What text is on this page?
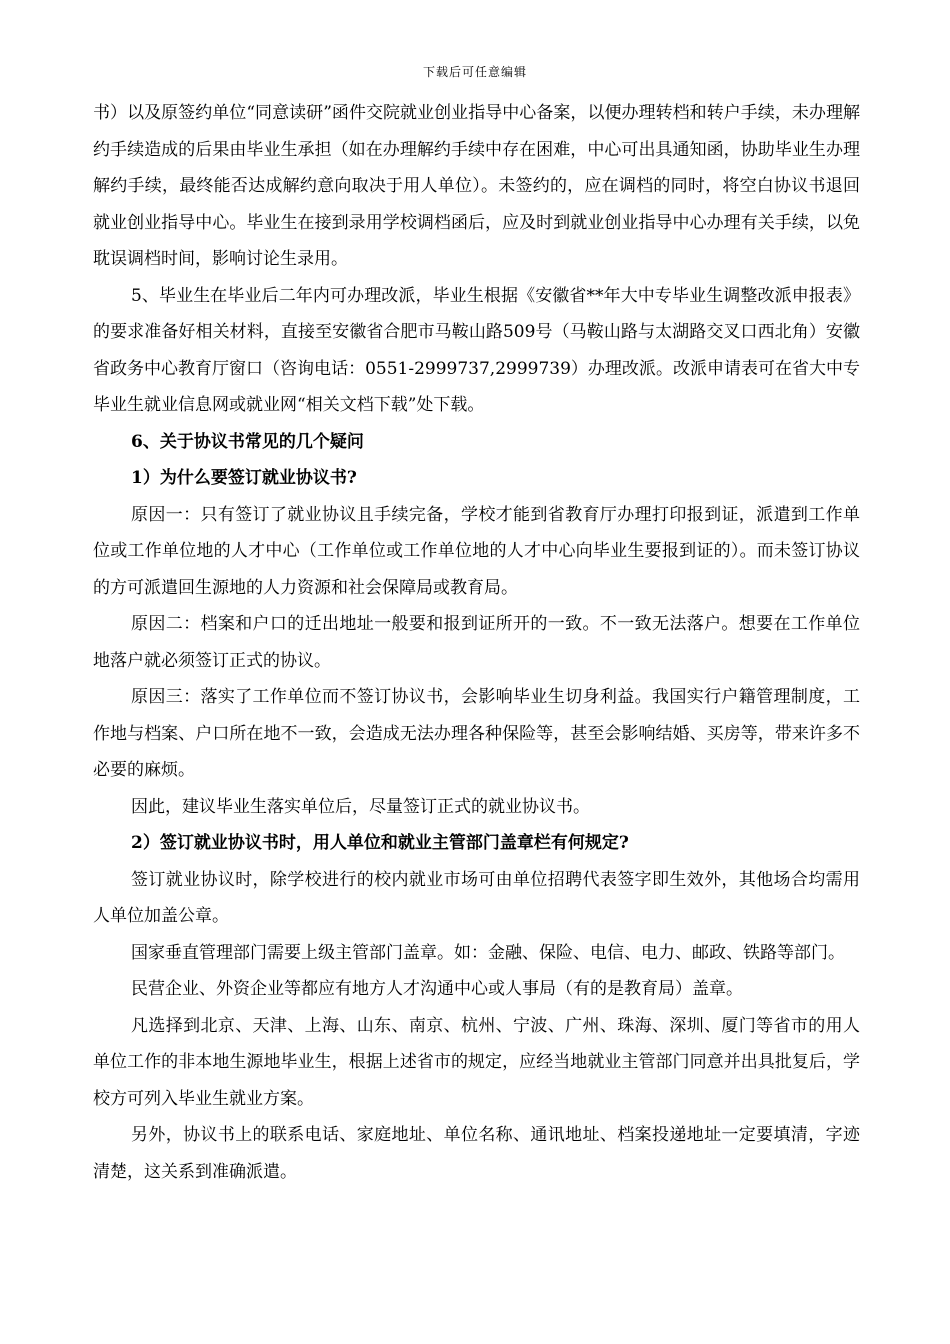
下载后可任意编辑

书）以及原签约单位“同意读研”函件交院就业创业指导中心备案，以便办理转档和转户手续，未办理解约手续造成的后果由毕业生承担（如在办理解约手续中存在困难，中心可出具通知函，协助毕业生办理解约手续，最终能否达成解约意向取决于用人单位）。未签约的，应在调档的同时，将空白协议书退回就业创业指导中心。毕业生在接到录用学校调档函后，应及时到就业创业指导中心办理有关手续，以免耽误调档时间，影响讨论生录用。

5、毕业生在毕业后二年内可办理改派，毕业生根据《安徽省**年大中专毕业生调整改派申报表》的要求准备好相关材料，直接至安徽省合肥市马鞍山路509号（马鞍山路与太湖路交叉口西北角）安徽省政务中心教育厅窗口（咨询电话：0551-2999737,2999739）办理改派。改派申请表可在省大中专毕业生就业信息网或就业网“相关文档下载”处下载。

6、关于协议书常见的几个疑问

1）为什么要签订就业协议书?

原因一：只有签订了就业协议且手续完备，学校才能到省教育厅办理打印报到证，派遣到工作单位或工作单位地的人才中心（工作单位或工作单位地的人才中心向毕业生要报到证的）。而未签订协议的方可派遣回生源地的人力资源和社会保障局或教育局。

原因二：档案和户口的迁出地址一般要和报到证所开的一致。不一致无法落户。想要在工作单位地落户就必须签订正式的协议。

原因三：落实了工作单位而不签订协议书，会影响毕业生切身利益。我国实行户籍管理制度，工作地与档案、户口所在地不一致，会造成无法办理各种保险等，甚至会影响结婚、买房等，带来许多不必要的麻烦。

因此，建议毕业生落实单位后，尽量签订正式的就业协议书。

2）签订就业协议书时，用人单位和就业主管部门盖章栏有何规定?

签订就业协议时，除学校进行的校内就业市场可由单位招聘代表签字即生效外，其他场合均需用人单位加盖公章。

国家垂直管理部门需要上级主管部门盖章。如：金融、保险、电信、电力、邮政、铁路等部门。

民营企业、外资企业等都应有地方人才沟通中心或人事局（有的是教育局）盖章。

凡选择到北京、天津、上海、山东、南京、杭州、宁波、广州、珠海、深圳、厦门等省市的用人单位工作的非本地生源地毕业生，根据上述省市的规定，应经当地就业主管部门同意并出具批复后，学校方可列入毕业生就业方案。

另外，协议书上的联系电话、家庭地址、单位名称、通讯地址、档案投递地址一定要填清，字迹清楚，这关系到准确派遣。
